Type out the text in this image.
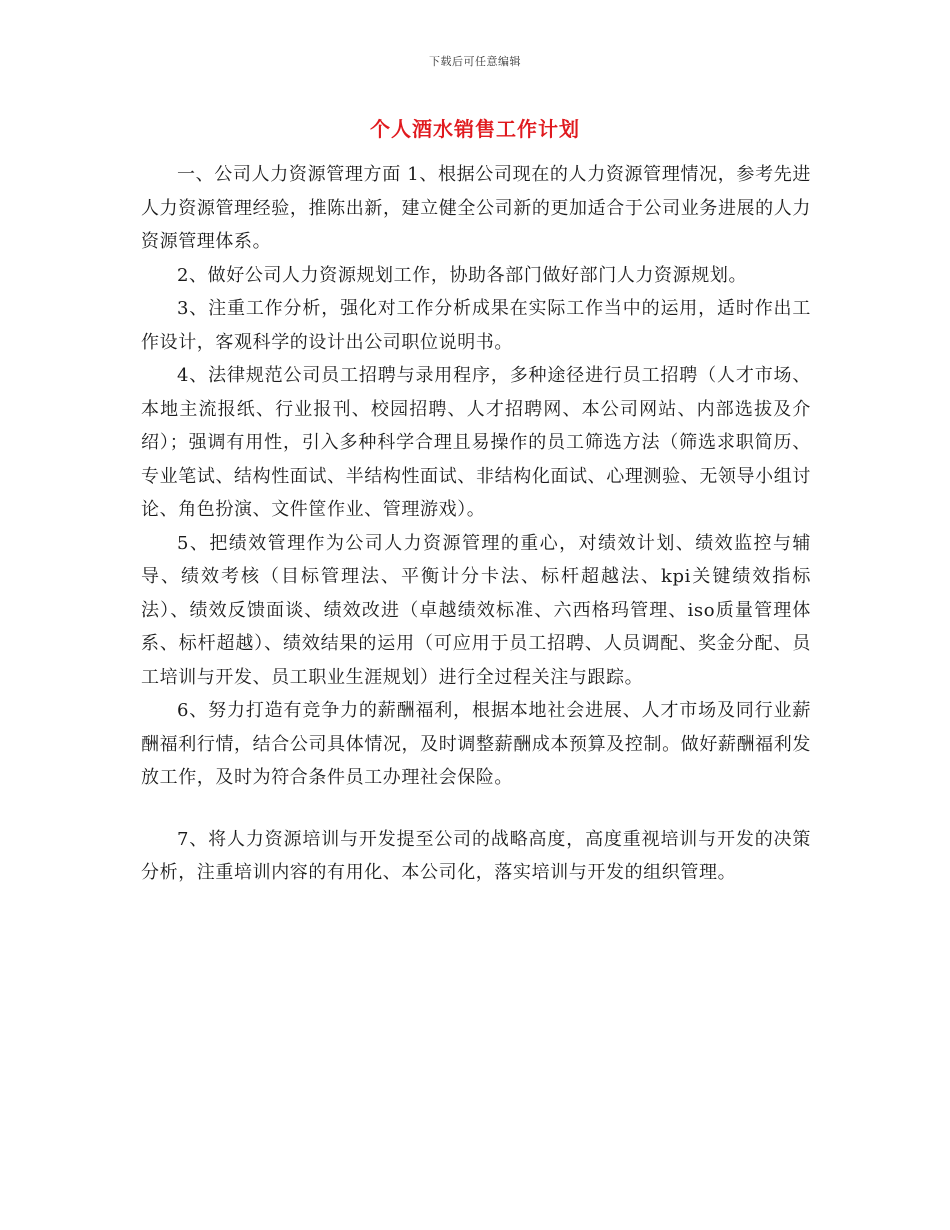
下载后可任意编辑
个人酒水销售工作计划

一、公司人力资源管理方面 1、根据公司现在的人力资源管理情况，参考先进人力资源管理经验，推陈出新，建立健全公司新的更加适合于公司业务进展的人力资源管理体系。

2、做好公司人力资源规划工作，协助各部门做好部门人力资源规划。

3、注重工作分析，强化对工作分析成果在实际工作当中的运用，适时作出工作设计，客观科学的设计出公司职位说明书。

4、法律规范公司员工招聘与录用程序，多种途径进行员工招聘（人才市场、本地主流报纸、行业报刊、校园招聘、人才招聘网、本公司网站、内部选拔及介绍）；强调有用性，引入多种科学合理且易操作的员工筛选方法（筛选求职简历、专业笔试、结构性面试、半结构性面试、非结构化面试、心理测验、无领导小组讨论、角色扮演、文件筐作业、管理游戏）。

5、把绩效管理作为公司人力资源管理的重心，对绩效计划、绩效监控与辅导、绩效考核（目标管理法、平衡计分卡法、标杆超越法、kpi关键绩效指标法）、绩效反馈面谈、绩效改进（卓越绩效标准、六西格玛管理、iso质量管理体系、标杆超越）、绩效结果的运用（可应用于员工招聘、人员调配、奖金分配、员工培训与开发、员工职业生涯规划）进行全过程关注与跟踪。

6、努力打造有竞争力的薪酬福利，根据本地社会进展、人才市场及同行业薪酬福利行情，结合公司具体情况，及时调整薪酬成本预算及控制。做好薪酬福利发放工作，及时为符合条件员工办理社会保险。

7、将人力资源培训与开发提至公司的战略高度，高度重视培训与开发的决策分析，注重培训内容的有用化、本公司化，落实培训与开发的组织管理。
